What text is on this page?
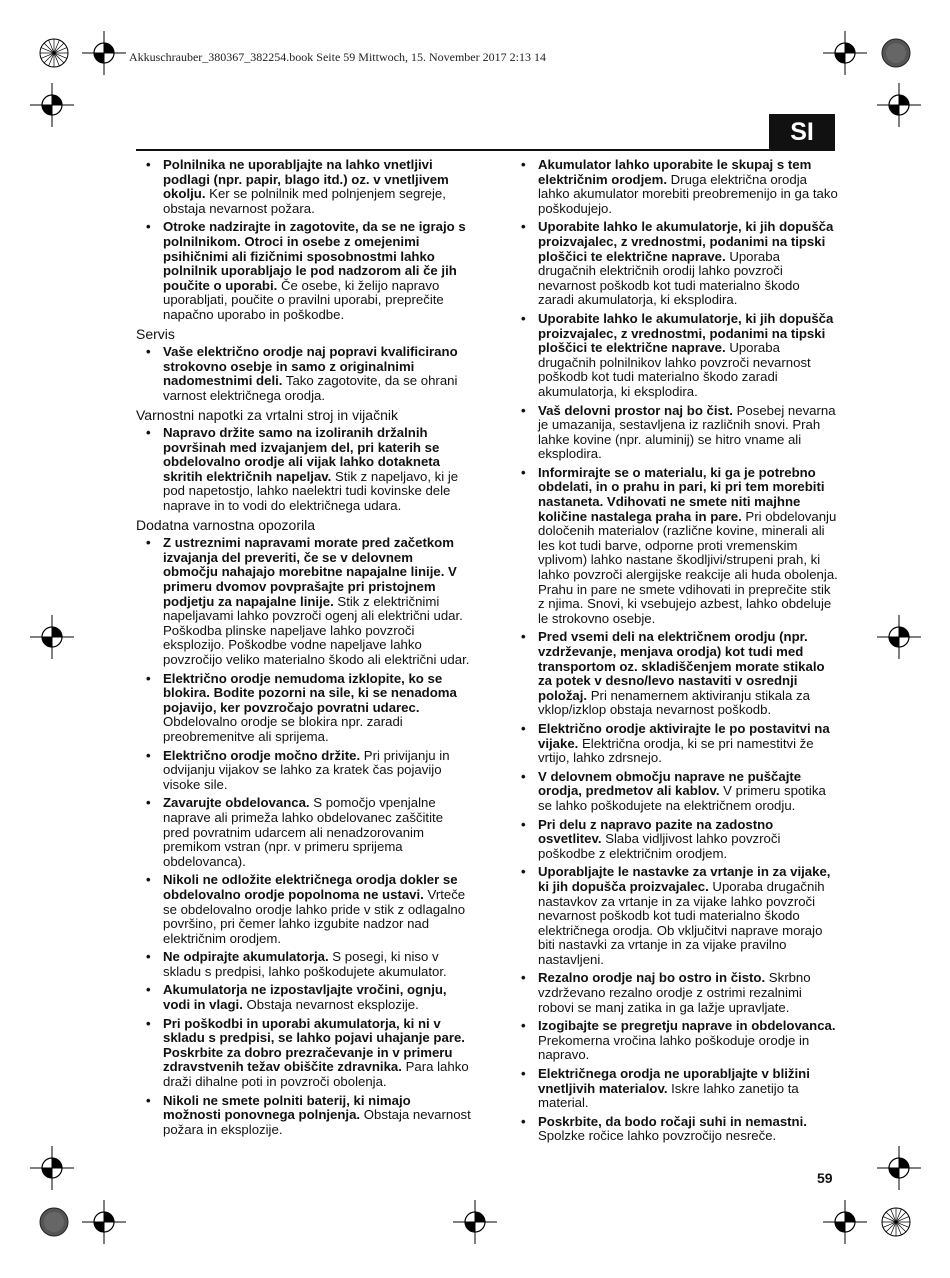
Akkuschrauber_380367_382254.book Seite 59 Mittwoch, 15. November 2017 2:13 14
SI
• Polnilnika ne uporabljajte na lahko vnetljivi podlagi (npr. papir, blago itd.) oz. v vnetljivem okolju. Ker se polnilnik med polnjenjem segreje, obstaja nevarnost požara.
• Otroke nadzirajte in zagotovite, da se ne igrajo s polnilnikom. Otroci in osebe z omejenimi psihičnimi ali fizičnimi sposobnostmi lahko polnilnik uporabljajo le pod nadzorom ali če jih poučite o uporabi. Če osebe, ki želijo napravo uporabljati, poučite o pravilni uporabi, preprečite napačno uporabo in poškodbe.
Servis
• Vaše električno orodje naj popravi kvalificirano strokovno osebje in samo z originalnimi nadomestnimi deli. Tako zagotovite, da se ohrani varnost električnega orodja.
Varnostni napotki za vrtalni stroj in vijačnik
• Napravo držite samo na izoliranih držalnih površinah med izvajanjem del, pri katerih se obdelovalno orodje ali vijak lahko dotakneta skritih električnih napeljav. Stik z napeljavo, ki je pod napetostjo, lahko naelektri tudi kovinske dele naprave in to vodi do električnega udara.
Dodatna varnostna opozorila
• Z ustreznimi napravami morate pred začetkom izvajanja del preveriti, če se v delovnem območju nahajajo morebitne napajalne linije. V primeru dvomov povprašajte pri pristojnem podjetju za napajalne linije. Stik z električnimi napeljavami lahko povzroči ogenj ali električni udar. Poškodba plinske napeljave lahko povzroči eksplozijo. Poškodbe vodne napeljave lahko povzročijo veliko materialno škodo ali električni udar.
• Električno orodje nemudoma izklopite, ko se blokira. Bodite pozorni na sile, ki se nenadoma pojavijo, ker povzročajo povratni udarec. Obdelovalno orodje se blokira npr. zaradi preobremenitve ali sprijema.
• Električno orodje močno držite. Pri privijanju in odvijanju vijakov se lahko za kratek čas pojavijo visoke sile.
• Zavarujte obdelovanca. S pomočjo vpenjalne naprave ali primeža lahko obdelovanec zaščitite pred povratnim udarcem ali nenadzorovanim premikom vstran (npr. v primeru sprijema obdelovanca).
• Nikoli ne odložite električnega orodja dokler se obdelovalno orodje popolnoma ne ustavi. Vrteče se obdelovalno orodje lahko pride v stik z odlagalno površino, pri čemer lahko izgubite nadzor nad električnim orodjem.
• Ne odpirajte akumulatorja. S posegi, ki niso v skladu s predpisi, lahko poškodujete akumulator.
• Akumulatorja ne izpostavljajte vročini, ognju, vodi in vlagi. Obstaja nevarnost eksplozije.
• Pri poškodbi in uporabi akumulatorja, ki ni v skladu s predpisi, se lahko pojavi uhajanje pare. Poskrbite za dobro prezračevanje in v primeru zdravstvenih težav obiščite zdravnika. Para lahko draži dihalne poti in povzroči obolenja.
• Nikoli ne smete polniti baterij, ki nimajo možnosti ponovnega polnjenja. Obstaja nevarnost požara in eksplozije.
• Akumulator lahko uporabite le skupaj s tem električnim orodjem. Druga električna orodja lahko akumulator morebiti preobremenijo in ga tako poškodujejo.
• Uporabite lahko le akumulatorje, ki jih dopušča proizvajalec, z vrednostmi, podanimi na tipski ploščici te električne naprave. Uporaba drugačnih električnih orodij lahko povzroči nevarnost poškodb kot tudi materialno škodo zaradi akumulatorja, ki eksplodira.
• Uporabite lahko le akumulatorje, ki jih dopušča proizvajalec, z vrednostmi, podanimi na tipski ploščici te električne naprave. Uporaba drugačnih polnilnikov lahko povzroči nevarnost poškodb kot tudi materialno škodo zaradi akumulatorja, ki eksplodira.
• Vaš delovni prostor naj bo čist. Posebej nevarna je umazanija, sestavljena iz različnih snovi. Prah lahke kovine (npr. aluminij) se hitro vname ali eksplodira.
• Informirajte se o materialu, ki ga je potrebno obdelati, in o prahu in pari, ki pri tem morebiti nastaneta. Vdihovati ne smete niti majhne količine nastalega praha in pare. Pri obdelovanju določenih materialov (različne kovine, minerali ali les kot tudi barve, odporne proti vremenskim vplivom) lahko nastane škodljivi/strupeni prah, ki lahko povzroči alergijske reakcije ali huda obolenja. Prahu in pare ne smete vdihovati in preprečite stik z njima. Snovi, ki vsebujejo azbest, lahko obdeluje le strokovno osebje.
• Pred vsemi deli na električnem orodju (npr. vzdrževanje, menjava orodja) kot tudi med transportom oz. skladiščenjem morate stikalo za potek v desno/levo nastaviti v osrednji položaj. Pri nenamernem aktiviranju stikala za vklop/izklop obstaja nevarnost poškodb.
• Električno orodje aktivirajte le po postavitvi na vijake. Električna orodja, ki se pri namestitvi že vrtijo, lahko zdrsnejo.
• V delovnem območju naprave ne puščajte orodja, predmetov ali kablov. V primeru spotika se lahko poškodujete na električnem orodju.
• Pri delu z napravo pazite na zadostno osvetlitev. Slaba vidljivost lahko povzroči poškodbe z električnim orodjem.
• Uporabljajte le nastavke za vrtanje in za vijake, ki jih dopušča proizvajalec. Uporaba drugačnih nastavkov za vrtanje in za vijake lahko povzroči nevarnost poškodb kot tudi materialno škodo električnega orodja. Ob vključitvi naprave morajo biti nastavki za vrtanje in za vijake pravilno nastavljeni.
• Rezalno orodje naj bo ostro in čisto. Skrbno vzdrževano rezalno orodje z ostrimi rezalnimi robovi se manj zatika in ga lažje upravljate.
• Izogibajte se pregretju naprave in obdelovanca. Prekomerna vročina lahko poškoduje orodje in napravo.
• Električnega orodja ne uporabljajte v bližini vnetljivih materialov. Iskre lahko zanetijo ta material.
• Poskrbite, da bodo ročaji suhi in nemastni. Spolzke ročice lahko povzročijo nesreče.
59
